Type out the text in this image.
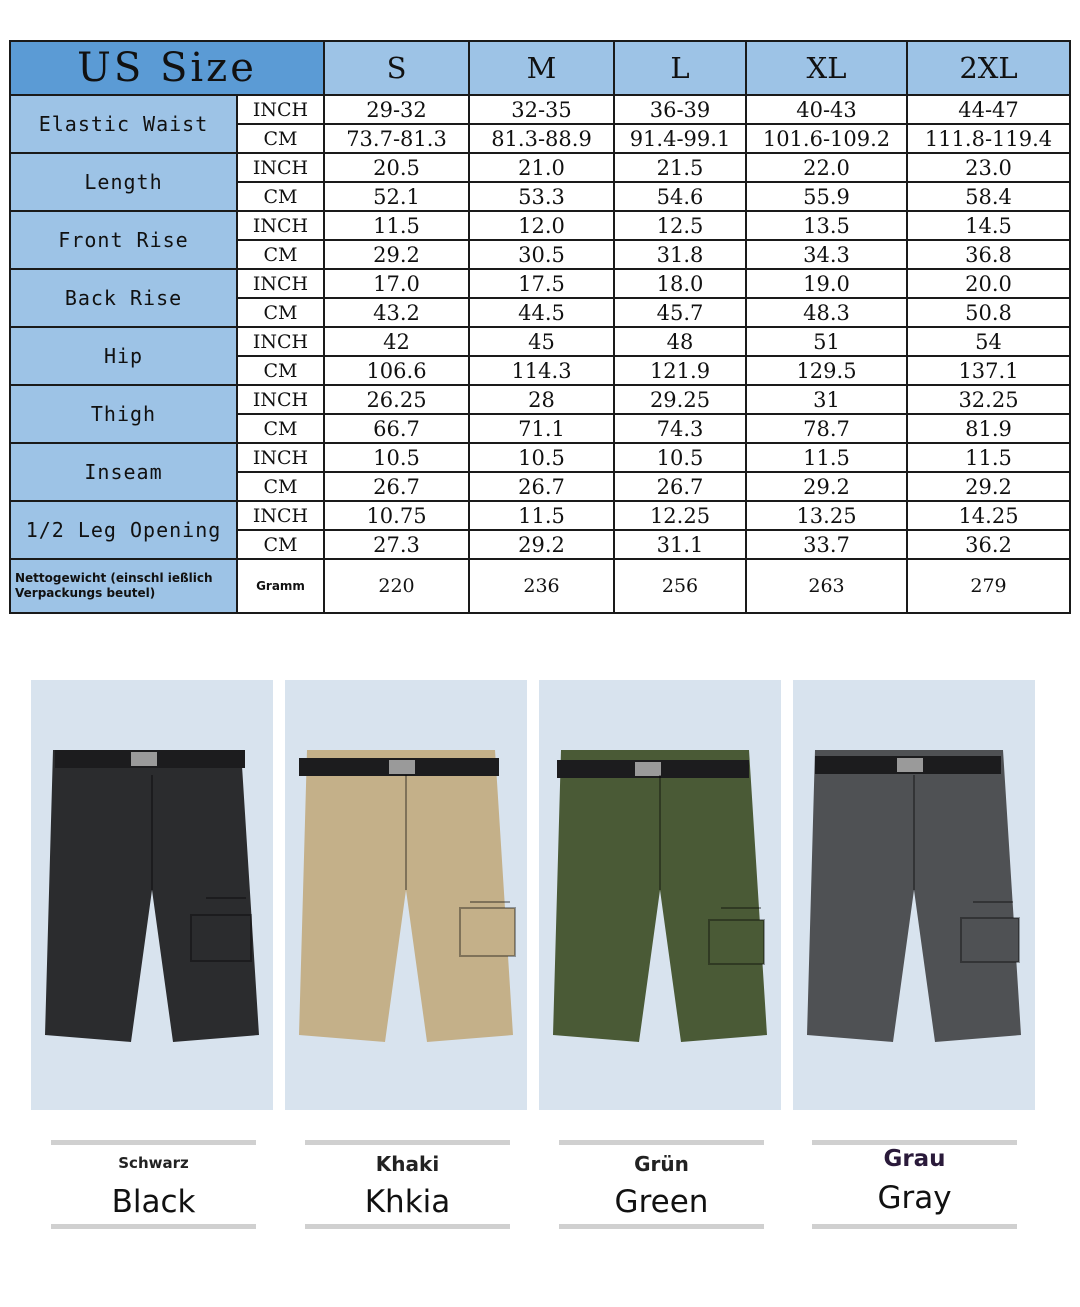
US Size		S	M	L	XL	2XL
Elastic Waist	INCH	29-32	32-35	36-39	40-43	44-47
	CM	73.7-81.3	81.3-88.9	91.4-99.1	101.6-109.2	111.8-119.4
Length	INCH	20.5	21.0	21.5	22.0	23.0
	CM	52.1	53.3	54.6	55.9	58.4
Front Rise	INCH	11.5	12.0	12.5	13.5	14.5
	CM	29.2	30.5	31.8	34.3	36.8
Back Rise	INCH	17.0	17.5	18.0	19.0	20.0
	CM	43.2	44.5	45.7	48.3	50.8
Hip	INCH	42	45	48	51	54
	CM	106.6	114.3	121.9	129.5	137.1
Thigh	INCH	26.25	28	29.25	31	32.25
	CM	66.7	71.1	74.3	78.7	81.9
Inseam	INCH	10.5	10.5	10.5	11.5	11.5
	CM	26.7	26.7	26.7	29.2	29.2
1/2 Leg Opening	INCH	10.75	11.5	12.25	13.25	14.25
	CM	27.3	29.2	31.1	33.7	36.2
Nettogewicht (einschl ießlich Verpackungs beutel)	Gramm	220	236	256	263	279
Schwarz
Black
Khaki
Khkia
Grün
Green
Grau
Gray
